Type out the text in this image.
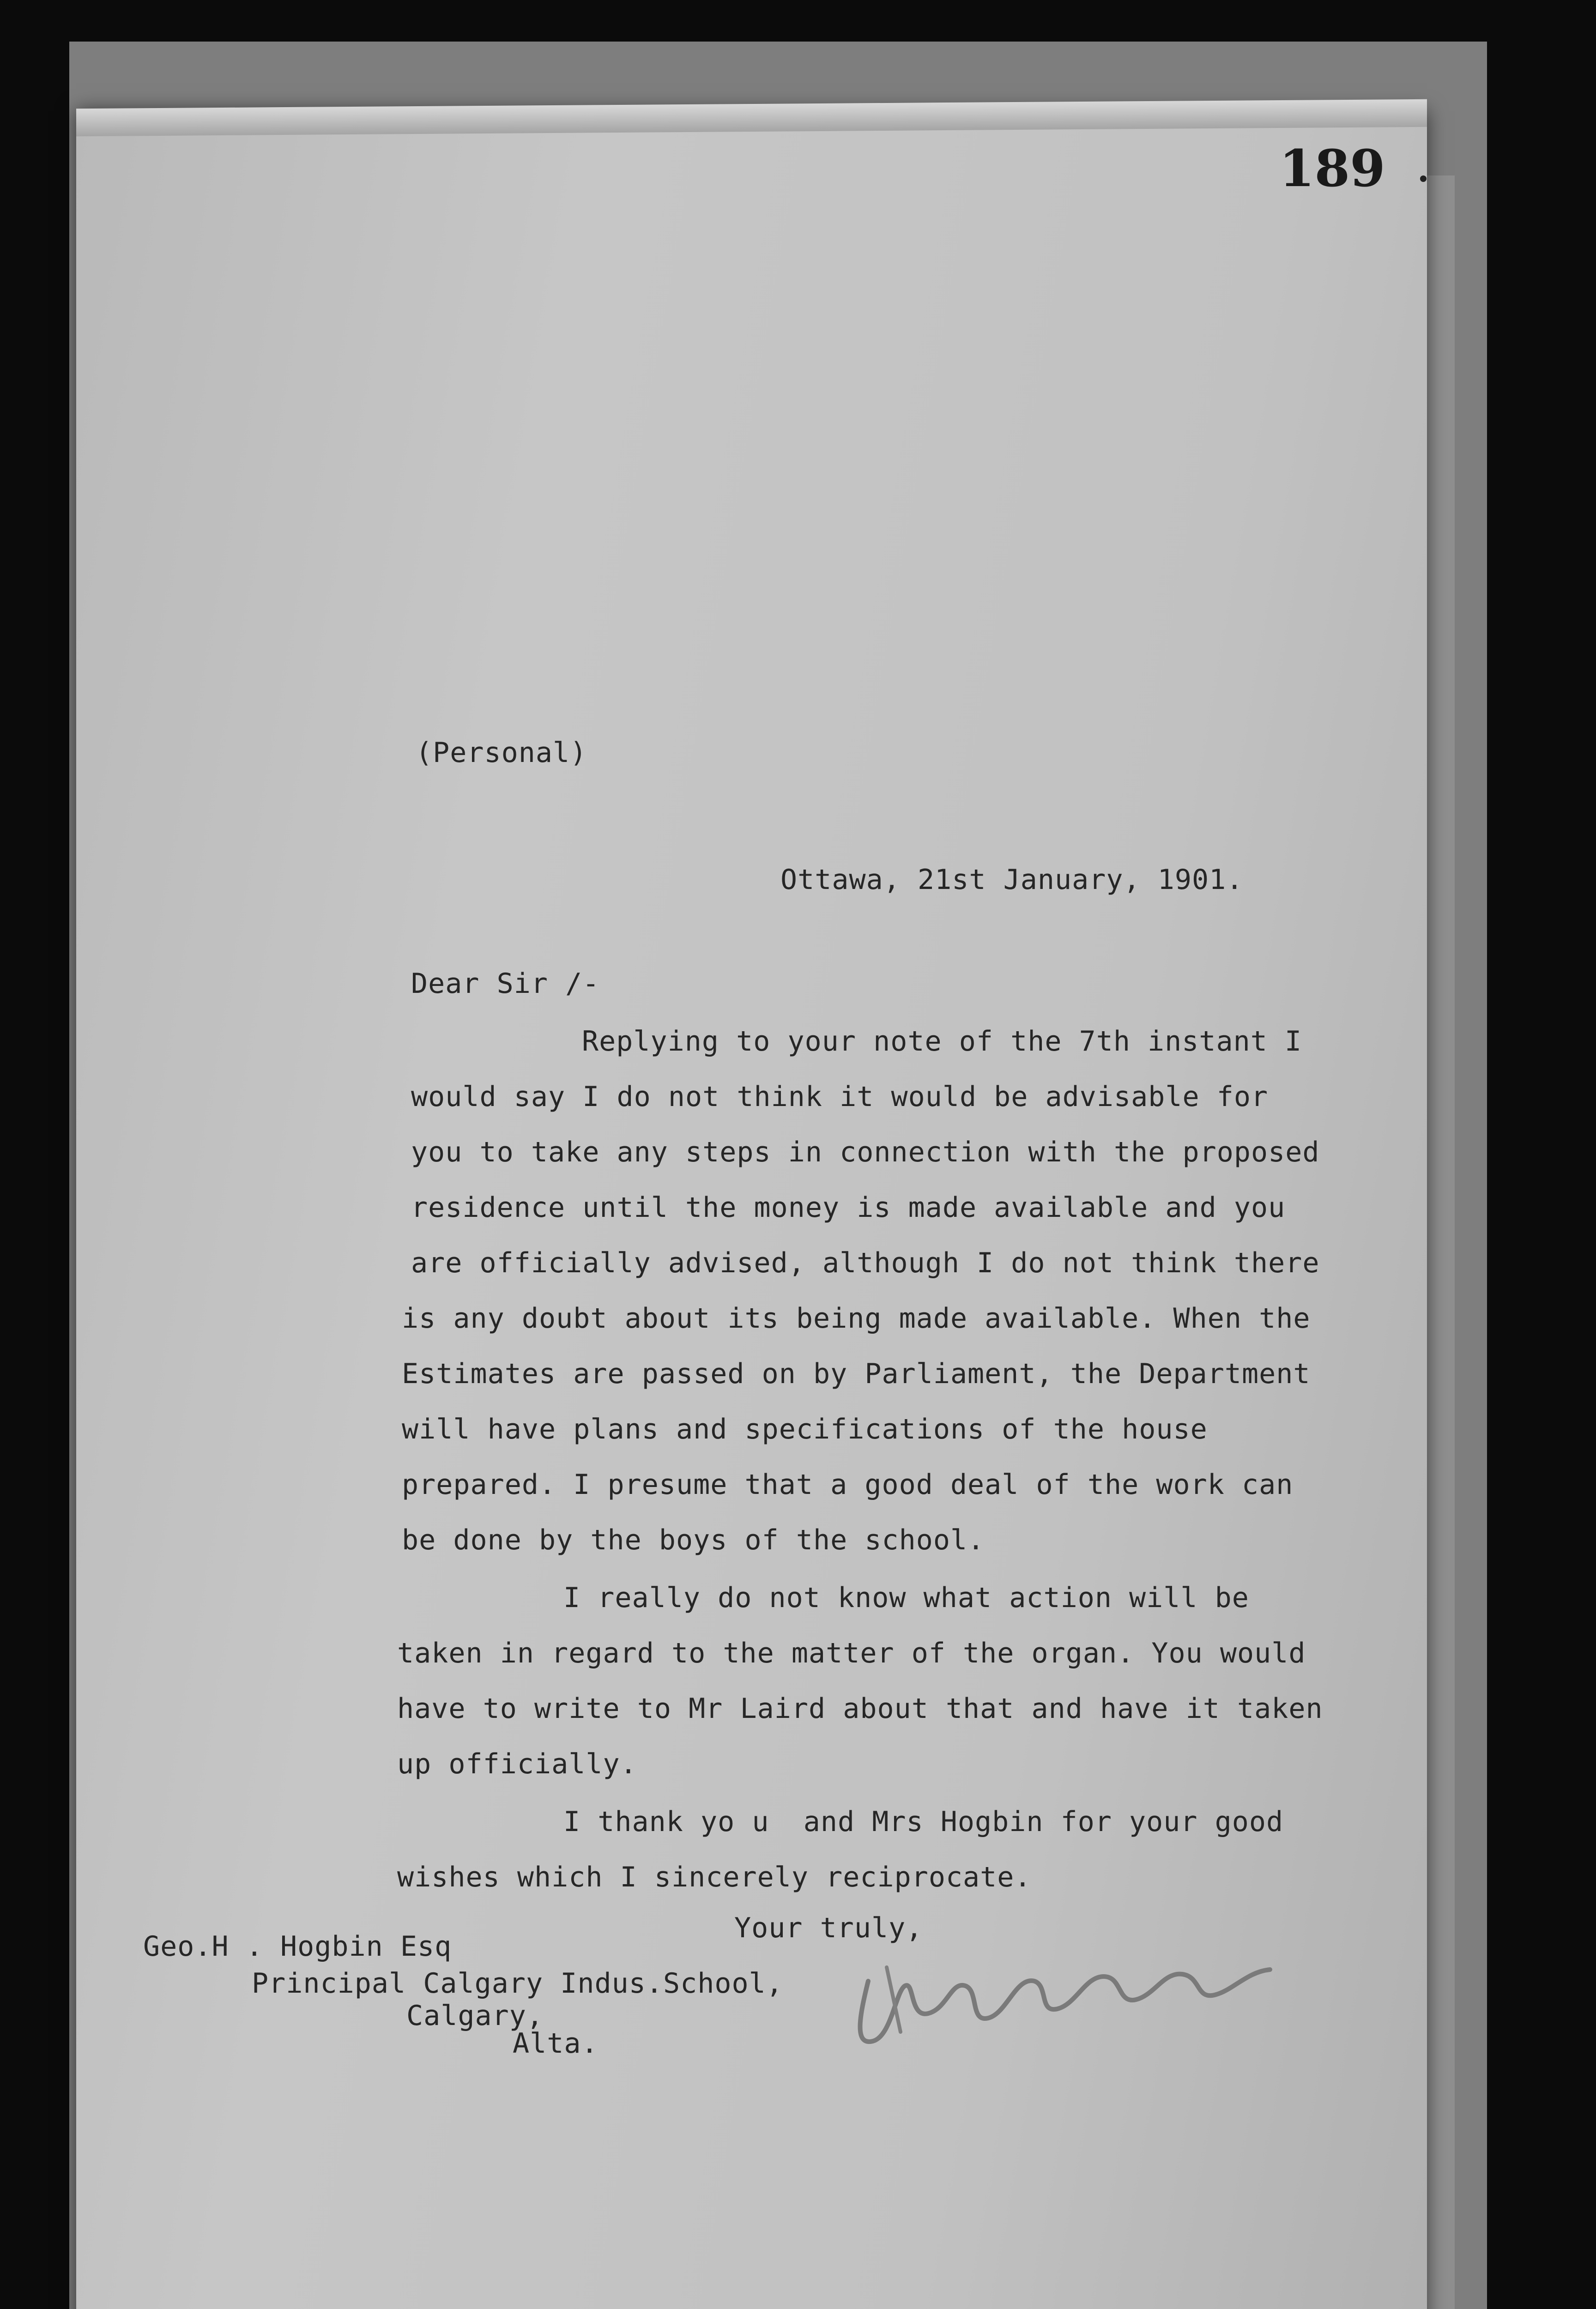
189
(Personal)
Ottawa, 21st January, 1901.
Dear Sir /-
Replying to your note of the 7th instant I
would say I do not think it would be advisable for
you to take any steps in connection with the proposed
residence until the money is made available and you
are officially advised, although I do not think there
is any doubt about its being made available. When the
Estimates are passed on by Parliament, the Department
will have plans and specifications of the house
prepared. I presume that a good deal of the work can
be done by the boys of the school.
I really do not know what action will be
taken in regard to the matter of the organ. You would
have to write to Mr Laird about that and have it taken
up officially.
I thank yo u  and Mrs Hogbin for your good
wishes which I sincerely reciprocate.
Your truly,
Geo.H . Hogbin Esq
Principal Calgary Indus.School,
Calgary,
Alta.
